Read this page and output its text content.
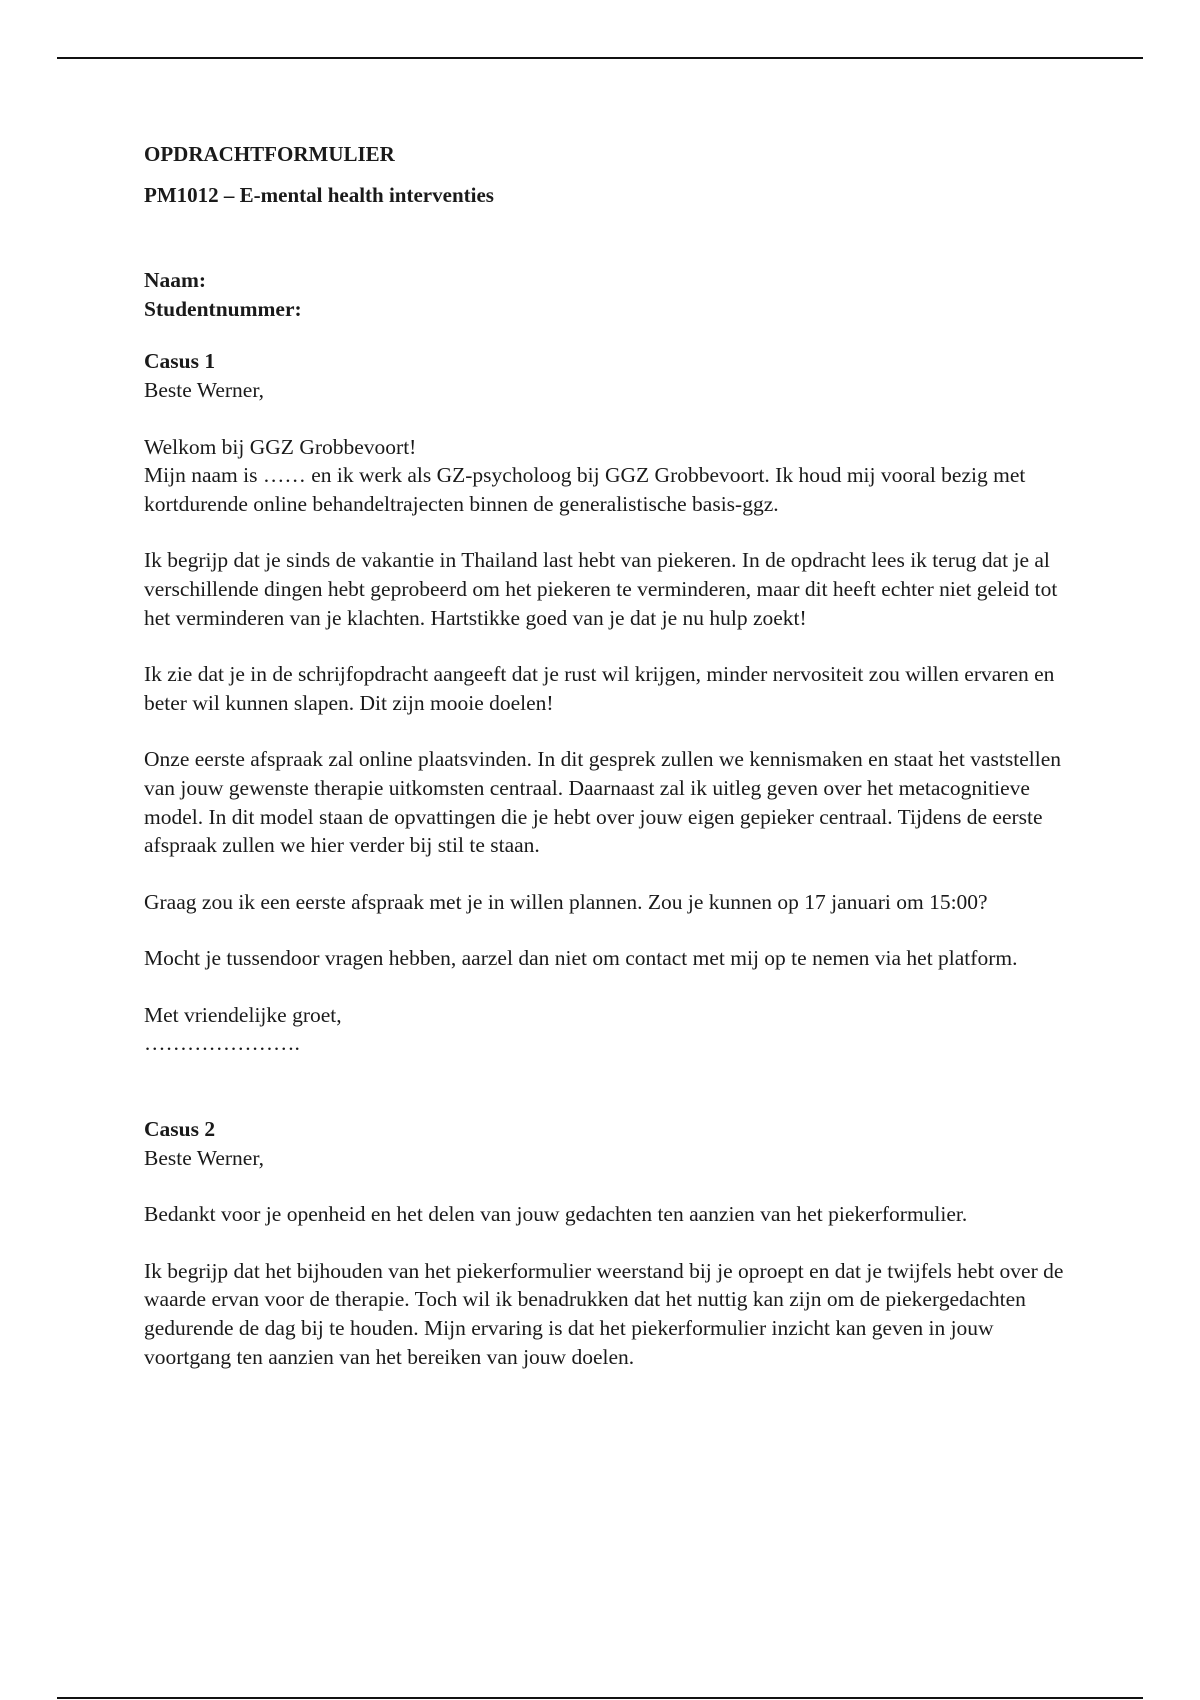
OPDRACHTFORMULIER

PM1012 – E-mental health interventies

Naam:
Studentnummer:

Casus 1
Beste Werner,

Welkom bij GGZ Grobbevoort!
Mijn naam is …… en ik werk als GZ-psycholoog bij GGZ Grobbevoort. Ik houd mij vooral bezig met kortdurende online behandeltrajecten binnen de generalistische basis-ggz.

Ik begrijp dat je sinds de vakantie in Thailand last hebt van piekeren. In de opdracht lees ik terug dat je al verschillende dingen hebt geprobeerd om het piekeren te verminderen, maar dit heeft echter niet geleid tot het verminderen van je klachten. Hartstikke goed van je dat je nu hulp zoekt!

Ik zie dat je in de schrijfopdracht aangeeft dat je rust wil krijgen, minder nervositeit zou willen ervaren en beter wil kunnen slapen. Dit zijn mooie doelen!

Onze eerste afspraak zal online plaatsvinden. In dit gesprek zullen we kennismaken en staat het vaststellen van jouw gewenste therapie uitkomsten centraal. Daarnaast zal ik uitleg geven over het metacognitieve model. In dit model staan de opvattingen die je hebt over jouw eigen gepieker centraal. Tijdens de eerste afspraak zullen we hier verder bij stil te staan.

Graag zou ik een eerste afspraak met je in willen plannen. Zou je kunnen op 17 januari om 15:00?

Mocht je tussendoor vragen hebben, aarzel dan niet om contact met mij op te nemen via het platform.

Met vriendelijke groet,
………………….

Casus 2
Beste Werner,

Bedankt voor je openheid en het delen van jouw gedachten ten aanzien van het piekerformulier.

Ik begrijp dat het bijhouden van het piekerformulier weerstand bij je oproept en dat je twijfels hebt over de waarde ervan voor de therapie. Toch wil ik benadrukken dat het nuttig kan zijn om de piekergedachten gedurende de dag bij te houden. Mijn ervaring is dat het piekerformulier inzicht kan geven in jouw voortgang ten aanzien van het bereiken van jouw doelen.
